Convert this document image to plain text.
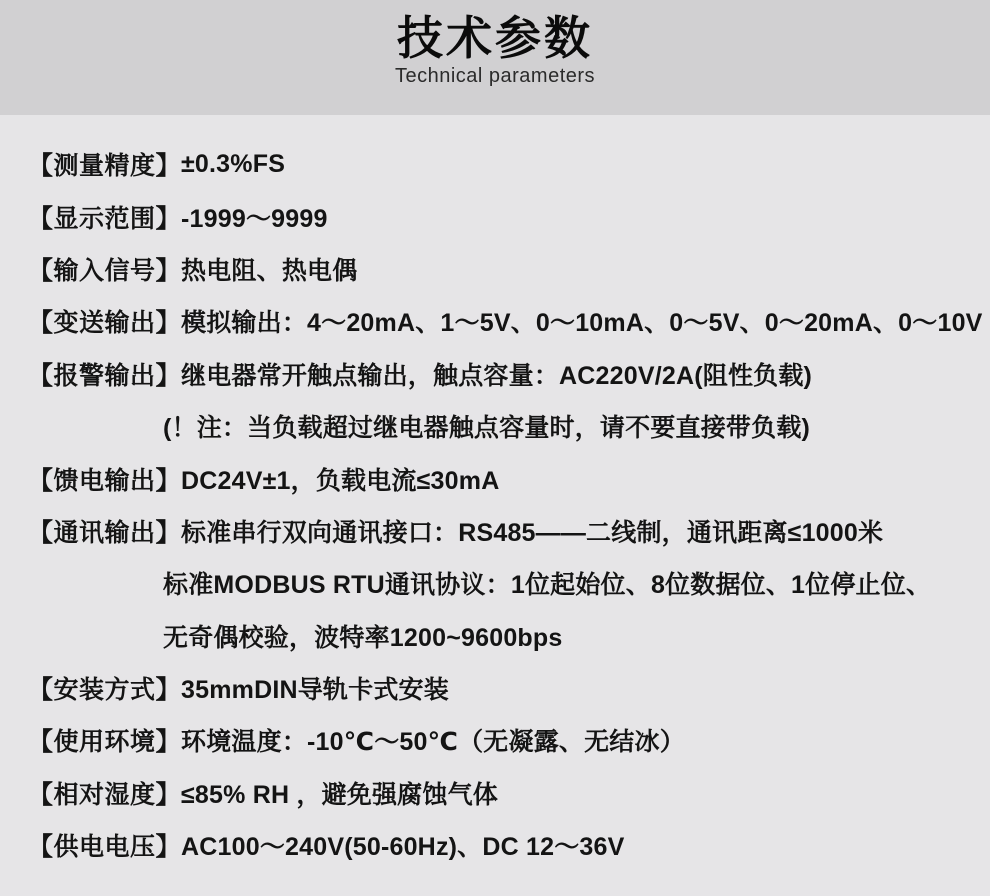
技术参数
Technical parameters
【测量精度】 ±0.3%FS
【显示范围】 -1999～9999
【输入信号】 热电阻、热电偶
【变送输出】 模拟输出：4～20mA、1～5V、0～10mA、0～5V、0～20mA、0～10V
【报警输出】 继电器常开触点输出，触点容量：AC220V/2A(阻性负载)
(！注：当负载超过继电器触点容量时，请不要直接带负载)
【馈电输出】 DC24V±1，负载电流≤30mA
【通讯输出】 标准串行双向通讯接口：RS485——二线制，通讯距离≤1000米
标准MODBUS RTU通讯协议：1位起始位、8位数据位、1位停止位、
无奇偶校验，波特率1200~9600bps
【安装方式】 35mmDIN导轨卡式安装
【使用环境】 环境温度：-10℃～50℃（无凝露、无结冰）
【相对湿度】 ≤85% RH ，避免强腐蚀气体
【供电电压】 AC100～240V(50-60Hz)、DC 12～36V
